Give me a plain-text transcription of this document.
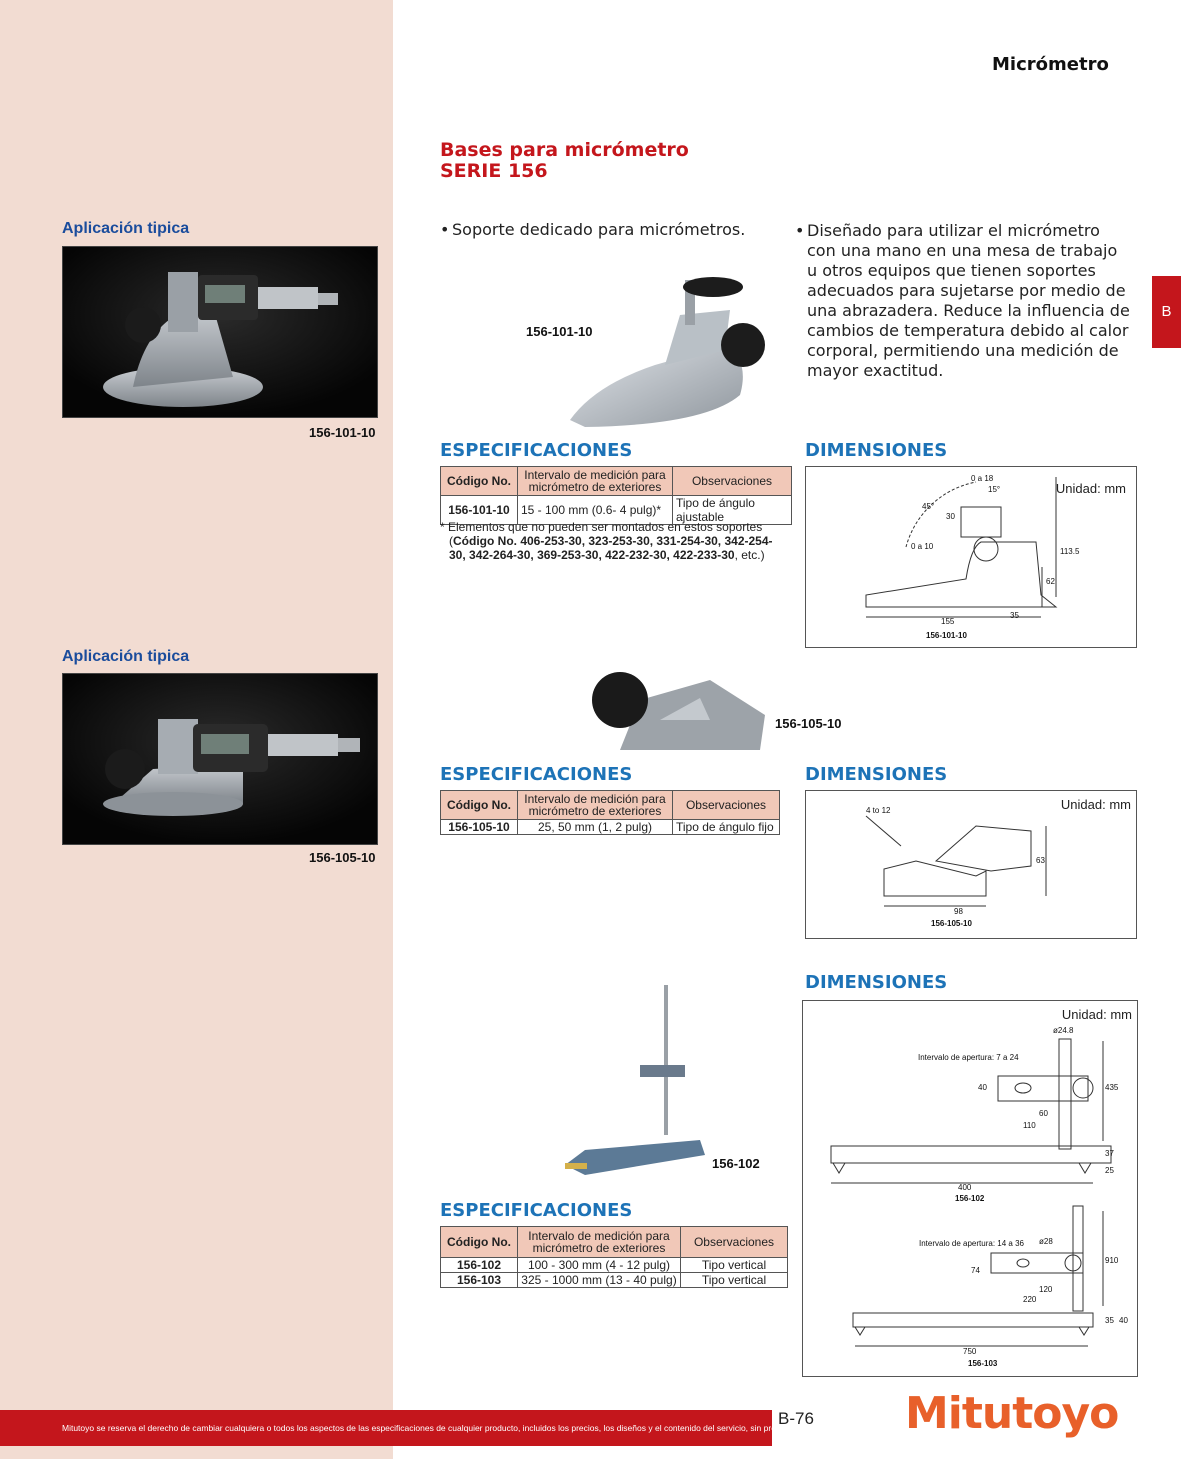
Aplicación tipica
156-101-10
Aplicación tipica
156-105-10
Micrómetro
B
Bases para micrómetro
SERIE 156
• Soporte dedicado para micrómetros.	• Diseñado para utilizar el micrómetro
con una mano en una mesa de trabajo
u otros equipos que tienen soportes
adecuados para sujetarse por medio de
una abrazadera. Reduce la influencia de
cambios de temperatura debido al calor
corporal, permitiendo una medición de
mayor exactitud.
156-101-10
ESPECIFICACIONES
Código No.	Intervalo de medición para micrómetro de exteriores	Observaciones
156-101-10	15 - 100 mm (0.6- 4 pulg)*	Tipo de ángulo ajustable
* Elementos que no pueden ser montados en estos soportes
(Código No. 406-253-30, 323-253-30, 331-254-30, 342-254-30, 342-264-30, 369-253-30, 422-232-30, 422-233-30, etc.)
DIMENSIONES
Unidad: mm
0 a 18
15°
45°
30
0 a 10
113.5
62
155
35
156-101-10
156-105-10
ESPECIFICACIONES
Código No.	Intervalo de medición para micrómetro de exteriores	Observaciones
156-105-10	25, 50 mm (1, 2 pulg)	Tipo de ángulo fijo
DIMENSIONES
Unidad: mm
4 to 12
63
98
156-105-10
156-102
ESPECIFICACIONES
Código No.	Intervalo de medición para micrómetro de exteriores	Observaciones
156-102	100 - 300 mm (4 - 12 pulg)	Tipo vertical
156-103	325 - 1000 mm (13 - 40 pulg)	Tipo vertical
DIMENSIONES
Unidad: mm
ø24.8
Intervalo de apertura: 7 a 24
40	435
60
110
37
25
400
156-102
ø28
Intervalo de apertura: 14 a 36
910
74
120
220
750
35 40
156-103
Mitutoyo se reserva el derecho de cambiar cualquiera o todos los aspectos de las especificaciones de cualquier producto, incluidos los precios, los diseños y el contenido del servicio, sin previo aviso.
B-76 Mitutoyo
